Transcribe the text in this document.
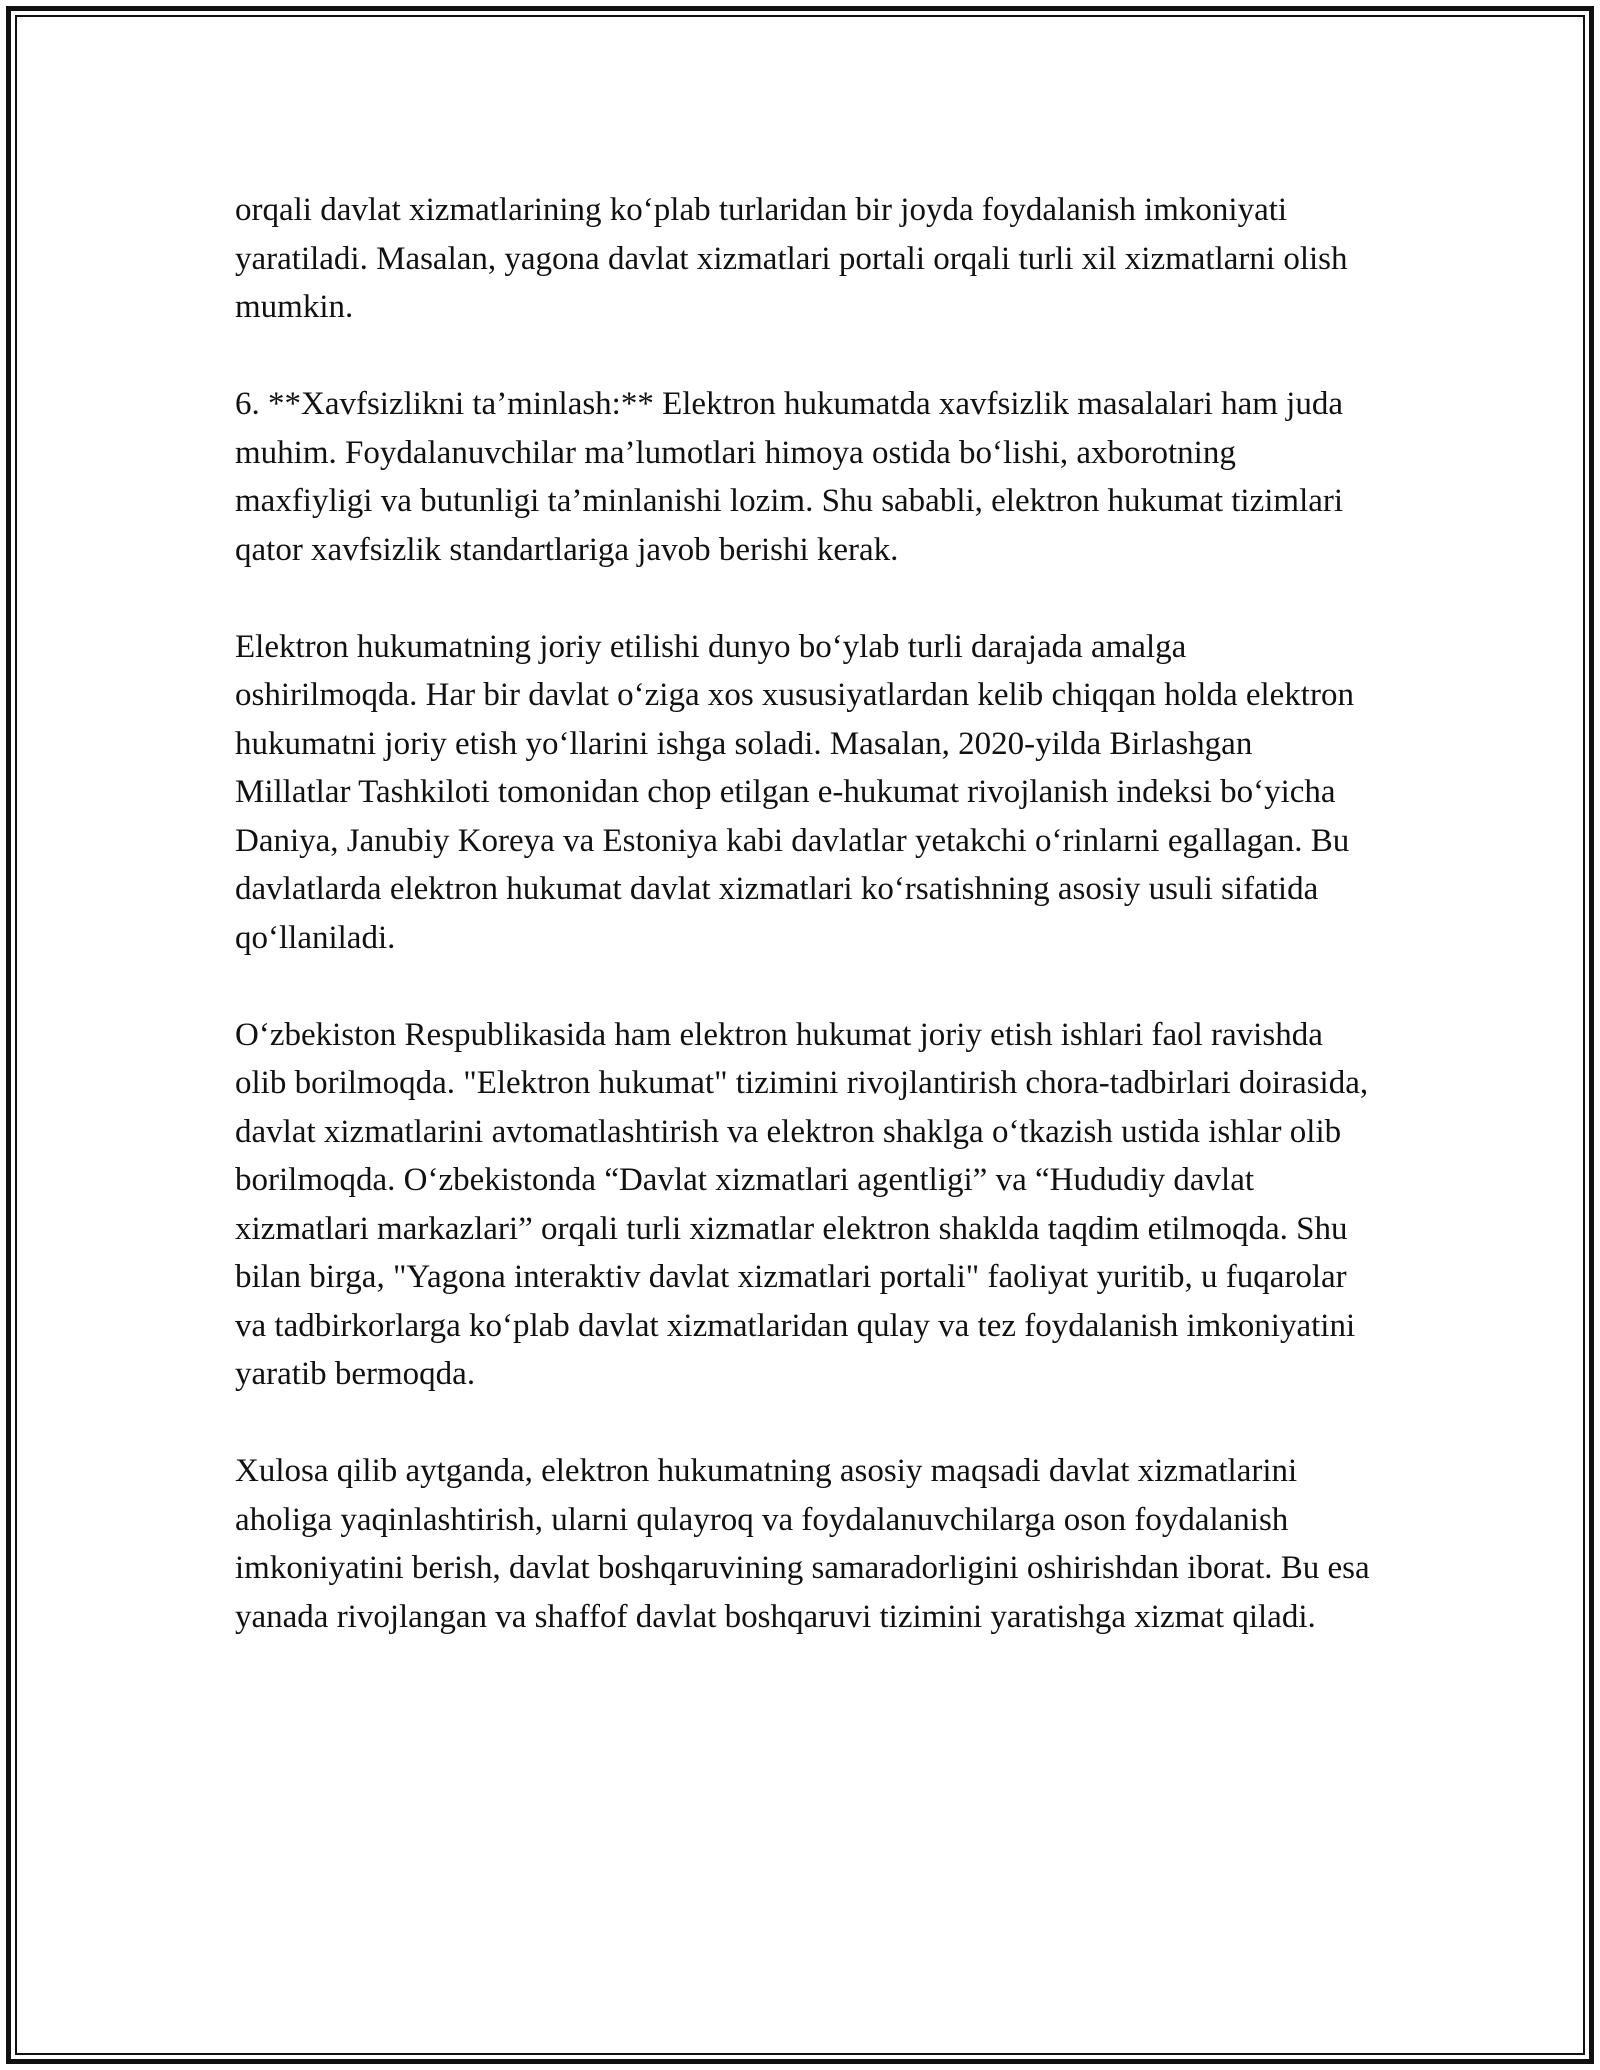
orqali davlat xizmatlarining ko‘plab turlaridan bir joyda foydalanish imkoniyati yaratiladi. Masalan, yagona davlat xizmatlari portali orqali turli xil xizmatlarni olish mumkin.

6. **Xavfsizlikni ta’minlash:** Elektron hukumatda xavfsizlik masalalari ham juda muhim. Foydalanuvchilar ma’lumotlari himoya ostida bo‘lishi, axborotning maxfiyligi va butunligi ta’minlanishi lozim. Shu sababli, elektron hukumat tizimlari qator xavfsizlik standartlariga javob berishi kerak.

Elektron hukumatning joriy etilishi dunyo bo‘ylab turli darajada amalga oshirilmoqda. Har bir davlat o‘ziga xos xususiyatlardan kelib chiqqan holda elektron hukumatni joriy etish yo‘llarini ishga soladi. Masalan, 2020-yilda Birlashgan Millatlar Tashkiloti tomonidan chop etilgan e-hukumat rivojlanish indeksi bo‘yicha Daniya, Janubiy Koreya va Estoniya kabi davlatlar yetakchi o‘rinlarni egallagan. Bu davlatlarda elektron hukumat davlat xizmatlari ko‘rsatishning asosiy usuli sifatida qo‘llaniladi.

O‘zbekiston Respublikasida ham elektron hukumat joriy etish ishlari faol ravishda olib borilmoqda. "Elektron hukumat" tizimini rivojlantirish chora-tadbirlari doirasida, davlat xizmatlarini avtomatlashtirish va elektron shaklga o‘tkazish ustida ishlar olib borilmoqda. O‘zbekistonda “Davlat xizmatlari agentligi” va “Hududiy davlat xizmatlari markazlari” orqali turli xizmatlar elektron shaklda taqdim etilmoqda. Shu bilan birga, "Yagona interaktiv davlat xizmatlari portali" faoliyat yuritib, u fuqarolar va tadbirkorlarga ko‘plab davlat xizmatlaridan qulay va tez foydalanish imkoniyatini yaratib bermoqda.

Xulosa qilib aytganda, elektron hukumatning asosiy maqsadi davlat xizmatlarini aholiga yaqinlashtirish, ularni qulayroq va foydalanuvchilarga oson foydalanish imkoniyatini berish, davlat boshqaruvining samaradorligini oshirishdan iborat. Bu esa yanada rivojlangan va shaffof davlat boshqaruvi tizimini yaratishga xizmat qiladi.
